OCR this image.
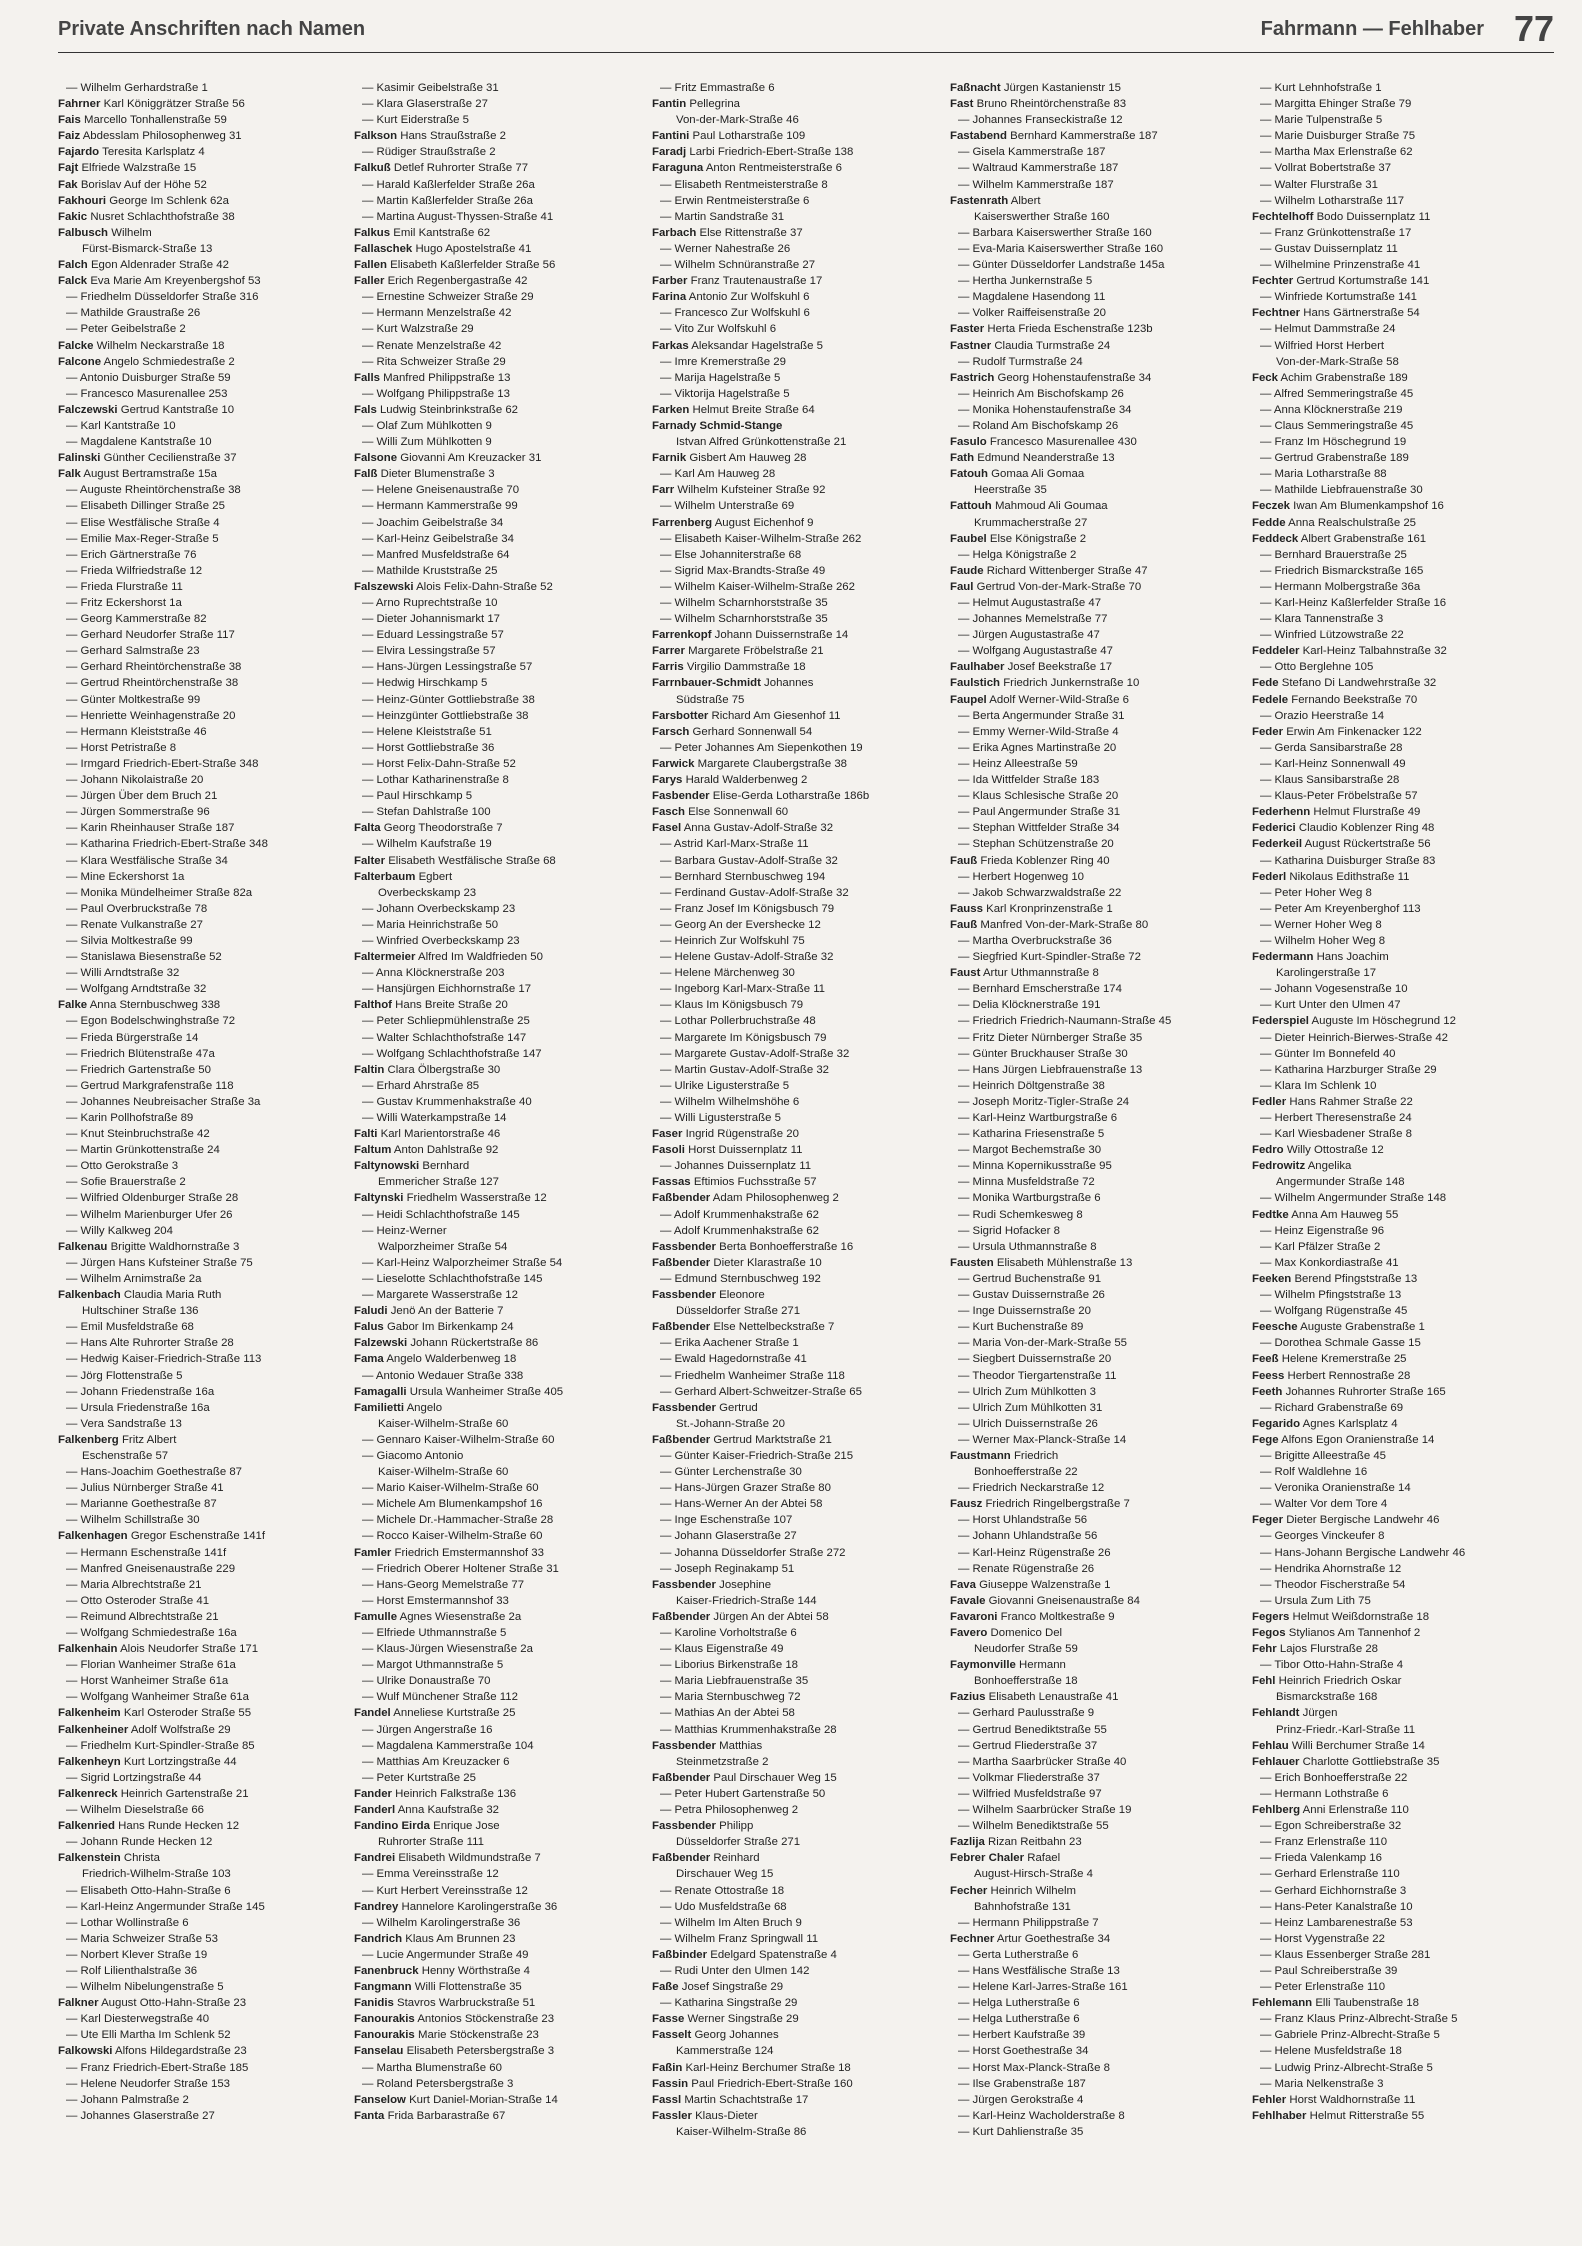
Private Anschriften nach Namen	Fahrmann — Fehlhaber 77
— Wilhelm Gerhardstraße 1
Fahrner Karl Königgrätzer Straße 56
Fais Marcello Tonhallenstraße 59
Faiz Abdesslam Philosophenweg 31
Fajardo Teresita Karlsplatz 4
Fajt Elfriede Walzstraße 15
Fak Borislav Auf der Höhe 52
Fakhouri George Im Schlenk 62a
Fakic Nusret Schlachthofstraße 38
Falbusch Wilhelm
Fürst-Bismarck-Straße 13
Falch Egon Aldenrader Straße 42
Falck Eva Marie Am Kreyenbergshof 53
— Friedhelm Düsseldorfer Straße 316
— Mathilde Graustraße 26
— Peter Geibelstraße 2
Falcke Wilhelm Neckarstraße 18
Falcone Angelo Schmiedestraße 2
— Antonio Duisburger Straße 59
— Francesco Masurenallee 253
Falczewski Gertrud Kantstraße 10
— Karl Kantstraße 10
— Magdalene Kantstraße 10
Falinski Günther Cecilienstraße 37
Falk August Bertramstraße 15a
— Auguste Rheintörchenstraße 38
— Elisabeth Dillinger Straße 25
— Elise Westfälische Straße 4
— Emilie Max-Reger-Straße 5
— Erich Gärtnerstraße 76
— Frieda Wilfriedstraße 12
— Frieda Flurstraße 11
— Fritz Eckershorst 1a
— Georg Kammerstraße 82
— Gerhard Neudorfer Straße 117
— Gerhard Salmstraße 23
— Gerhard Rheintörchenstraße 38
— Gertrud Rheintörchenstraße 38
— Günter Moltkestraße 99
— Henriette Weinhagenstraße 20
— Hermann Kleiststraße 46
— Horst Petristraße 8
— Irmgard Friedrich-Ebert-Straße 348
— Johann Nikolaistraße 20
— Jürgen Über dem Bruch 21
— Jürgen Sommerstraße 96
— Karin Rheinhauser Straße 187
— Katharina Friedrich-Ebert-Straße 348
— Klara Westfälische Straße 34
— Mine Eckershorst 1a
— Monika Mündelheimer Straße 82a
— Paul Overbruckstraße 78
— Renate Vulkanstraße 27
— Silvia Moltkestraße 99
— Stanislawa Biesenstraße 52
— Willi Arndtstraße 32
— Wolfgang Arndtstraße 32
Falke Anna Sternbuschweg 338
— Egon Bodelschwinghstraße 72
— Frieda Bürgerstraße 14
— Friedrich Blütenstraße 47a
— Friedrich Gartenstraße 50
— Gertrud Markgrafenstraße 118
— Johannes Neubreisacher Straße 3a
— Karin Pollhofstraße 89
— Knut Steinbruchstraße 42
— Martin Grünkottenstraße 24
— Otto Gerokstraße 3
— Sofie Brauerstraße 2
— Wilfried Oldenburger Straße 28
— Wilhelm Marienburger Ufer 26
— Willy Kalkweg 204
Falkenau Brigitte Waldhornstraße 3
— Jürgen Hans Kufsteiner Straße 75
— Wilhelm Arnimstraße 2a
Falkenbach Claudia Maria Ruth
Hultschiner Straße 136
— Emil Musfeldstraße 68
— Hans Alte Ruhrorter Straße 28
— Hedwig Kaiser-Friedrich-Straße 113
— Jörg Flottenstraße 5
— Johann Friedenstraße 16a
— Ursula Friedenstraße 16a
— Vera Sandstraße 13
Falkenberg Fritz Albert
Eschenstraße 57
— Hans-Joachim Goethestraße 87
— Julius Nürnberger Straße 41
— Marianne Goethestraße 87
— Wilhelm Schillstraße 30
Falkenhagen Gregor Eschenstraße 141f
— Hermann Eschenstraße 141f
— Manfred Gneisenaustraße 229
— Maria Albrechtstraße 21
— Otto Osteroder Straße 41
— Reimund Albrechtstraße 21
— Wolfgang Schmiedestraße 16a
Falkenhain Alois Neudorfer Straße 171
— Florian Wanheimer Straße 61a
— Horst Wanheimer Straße 61a
— Wolfgang Wanheimer Straße 61a
Falkenheim Karl Osteroder Straße 55
Falkenheiner Adolf Wolfstraße 29
— Friedhelm Kurt-Spindler-Straße 85
Falkenheyn Kurt Lortzingstraße 44
— Sigrid Lortzingstraße 44
Falkenreck Heinrich Gartenstraße 21
— Wilhelm Dieselstraße 66
Falkenried Hans Runde Hecken 12
— Johann Runde Hecken 12
Falkenstein Christa
Friedrich-Wilhelm-Straße 103
— Elisabeth Otto-Hahn-Straße 6
— Karl-Heinz Angermunder Straße 145
— Lothar Wollinstraße 6
— Maria Schweizer Straße 53
— Norbert Klever Straße 19
— Rolf Lilienthalstraße 36
— Wilhelm Nibelungenstraße 5
Falkner August Otto-Hahn-Straße 23
— Karl Diesterwegstraße 40
— Ute Elli Martha Im Schlenk 52
Falkowski Alfons Hildegardstraße 23
— Franz Friedrich-Ebert-Straße 185
— Helene Neudorfer Straße 153
— Johann Palmstraße 2
— Johannes Glaserstraße 27
— Kasimir Geibelstraße 31
— Klara Glaserstraße 27
— Kurt Eiderstraße 5
Falkson Hans Straußstraße 2
— Rüdiger Straußstraße 2
Falkuß Detlef Ruhrorter Straße 77
— Harald Kaßlerfelder Straße 26a
— Martin Kaßlerfelder Straße 26a
— Martina August-Thyssen-Straße 41
Falkus Emil Kantstraße 62
Fallaschek Hugo Apostelstraße 41
Fallen Elisabeth Kaßlerfelder Straße 56
Faller Erich Regenbergastraße 42
— Ernestine Schweizer Straße 29
— Hermann Menzelstraße 42
— Kurt Walzstraße 29
— Renate Menzelstraße 42
— Rita Schweizer Straße 29
Falls Manfred Philippstraße 13
— Wolfgang Philippstraße 13
Fals Ludwig Steinbrinkstraße 62
— Olaf Zum Mühlkotten 9
— Willi Zum Mühlkotten 9
Falsone Giovanni Am Kreuzacker 31
Falß Dieter Blumenstraße 3
— Helene Gneisenaustraße 70
— Hermann Kammerstraße 99
— Joachim Geibelstraße 34
— Karl-Heinz Geibelstraße 34
— Manfred Musfeldstraße 64
— Mathilde Kruststraße 25
Falszewski Alois Felix-Dahn-Straße 52
— Arno Ruprechtstraße 10
— Dieter Johannismarkt 17
— Eduard Lessingstraße 57
— Elvira Lessingstraße 57
— Hans-Jürgen Lessingstraße 57
— Hedwig Hirschkamp 5
— Heinz-Günter Gottliebstraße 38
— Heinzgünter Gottliebstraße 38
— Helene Kleiststraße 51
— Horst Gottliebstraße 36
— Horst Felix-Dahn-Straße 52
— Lothar Katharinenstraße 8
— Paul Hirschkamp 5
— Stefan Dahlstraße 100
Falta Georg Theodorstraße 7
— Wilhelm Kaufstraße 19
Falter Elisabeth Westfälische Straße 68
Falterbaum Egbert
Overbeckskamp 23
— Johann Overbeckskamp 23
— Maria Heinrichstraße 50
— Winfried Overbeckskamp 23
Faltermeier Alfred Im Waldfrieden 50
— Anna Klöcknerstraße 203
— Hansjürgen Eichhornstraße 17
Falthof Hans Breite Straße 20
— Peter Schliepmühlenstraße 25
— Walter Schlachthofstraße 147
— Wolfgang Schlachthofstraße 147
Faltin Clara Ölbergstraße 30
— Erhard Ahrstraße 85
— Gustav Krummenhakstraße 40
— Willi Waterkampstraße 14
Falti Karl Marientorstraße 46
Faltum Anton Dahlstraße 92
Faltynowski Bernhard
Emmericher Straße 127
Faltynski Friedhelm Wasserstraße 12
— Heidi Schlachthofstraße 145
— Heinz-Werner
Walporzheimer Straße 54
— Karl-Heinz Walporzheimer Straße 54
— Lieselotte Schlachthofstraße 145
— Margarete Wasserstraße 12
Faludi Jenö An der Batterie 7
Falus Gabor Im Birkenkamp 24
Falzewski Johann Rückertstraße 86
Fama Angelo Walderbenweg 18
— Antonio Wedauer Straße 338
Famagalli Ursula Wanheimer Straße 405
Familietti Angelo
Kaiser-Wilhelm-Straße 60
— Gennaro Kaiser-Wilhelm-Straße 60
— Giacomo Antonio
Kaiser-Wilhelm-Straße 60
— Mario Kaiser-Wilhelm-Straße 60
— Michele Am Blumenkampshof 16
— Michele Dr.-Hammacher-Straße 28
— Rocco Kaiser-Wilhelm-Straße 60
Famler Friedrich Emstermannshof 33
— Friedrich Oberer Holtener Straße 31
— Hans-Georg Memelstraße 77
— Horst Emstermannshof 33
Famulle Agnes Wiesenstraße 2a
— Elfriede Uthmannstraße 5
— Klaus-Jürgen Wiesenstraße 2a
— Margot Uthmannstraße 5
— Ulrike Donaustraße 70
— Wulf Münchener Straße 112
Fandel Anneliese Kurtstraße 25
— Jürgen Angerstraße 16
— Magdalena Kammerstraße 104
— Matthias Am Kreuzacker 6
— Peter Kurtstraße 25
Fander Heinrich Falkstraße 136
Fanderl Anna Kaufstraße 32
Fandino Eirda Enrique Jose
Ruhrorter Straße 111
Fandrei Elisabeth Wildmundstraße 7
— Emma Vereinsstraße 12
— Kurt Herbert Vereinsstraße 12
Fandrey Hannelore Karolingerstraße 36
— Wilhelm Karolingerstraße 36
Fandrich Klaus Am Brunnen 23
— Lucie Angermunder Straße 49
Fanenbruck Henny Wörthstraße 4
Fangmann Willi Flottenstraße 35
Fanidis Stavros Warbruckstraße 51
Fanourakis Antonios Stöckenstraße 23
Fanourakis Marie Stöckenstraße 23
Fanselau Elisabeth Petersbergstraße 3
— Martha Blumenstraße 60
— Roland Petersbergstraße 3
Fanselow Kurt Daniel-Morian-Straße 14
Fanta Frida Barbarastraße 67
— Fritz Emmastraße 6
Fantin Pellegrina
Von-der-Mark-Straße 46
Fantini Paul Lotharstraße 109
Faradj Larbi Friedrich-Ebert-Straße 138
Faraguna Anton Rentmeisterstraße 6
— Elisabeth Rentmeisterstraße 8
— Erwin Rentmeisterstraße 6
— Martin Sandstraße 31
Farbach Else Rittenstraße 37
— Werner Nahestraße 26
— Wilhelm Schnüranstraße 27
Farber Franz Trautenaustraße 17
Farina Antonio Zur Wolfskuhl 6
— Francesco Zur Wolfskuhl 6
— Vito Zur Wolfskuhl 6
Farkas Aleksandar Hagelstraße 5
— Imre Kremerstraße 29
— Marija Hagelstraße 5
— Viktorija Hagelstraße 5
Farken Helmut Breite Straße 64
Farnady Schmid-Stange
Istvan Alfred Grünkottenstraße 21
Farnik Gisbert Am Hauweg 28
— Karl Am Hauweg 28
Farr Wilhelm Kufsteiner Straße 92
— Wilhelm Unterstraße 69
Farrenberg August Eichenhof 9
— Elisabeth Kaiser-Wilhelm-Straße 262
— Else Johanniterstraße 68
— Sigrid Max-Brandts-Straße 49
— Wilhelm Kaiser-Wilhelm-Straße 262
— Wilhelm Scharnhorststraße 35
— Wilhelm Scharnhorststraße 35
Farrenkopf Johann Duissernstraße 14
Farrer Margarete Fröbelstraße 21
Farris Virgilio Dammstraße 18
Farrnbauer-Schmidt Johannes
Südstraße 75
Farsbotter Richard Am Giesenhof 11
Farsch Gerhard Sonnenwall 54
— Peter Johannes Am Siepenkothen 19
Farwick Margarete Claubergstraße 38
Farys Harald Walderbenweg 2
Fasbender Elise-Gerda Lotharstraße 186b
Fasch Else Sonnenwall 60
Fasel Anna Gustav-Adolf-Straße 32
— Astrid Karl-Marx-Straße 11
— Barbara Gustav-Adolf-Straße 32
— Bernhard Sternbuschweg 194
— Ferdinand Gustav-Adolf-Straße 32
— Franz Josef Im Königsbusch 79
— Georg An der Evershecke 12
— Heinrich Zur Wolfskuhl 75
— Helene Gustav-Adolf-Straße 32
— Helene Märchenweg 30
— Ingeborg Karl-Marx-Straße 11
— Klaus Im Königsbusch 79
— Lothar Pollerbruchstraße 48
— Margarete Im Königsbusch 79
— Margarete Gustav-Adolf-Straße 32
— Martin Gustav-Adolf-Straße 32
— Ulrike Ligusterstraße 5
— Wilhelm Wilhelmshöhe 6
— Willi Ligusterstraße 5
Faser Ingrid Rügenstraße 20
Fasoli Horst Duissernplatz 11
— Johannes Duissernplatz 11
Fassas Eftimios Fuchsstraße 57
Faßbender Adam Philosophenweg 2
— Adolf Krummenhakstraße 62
— Adolf Krummenhakstraße 62
Fassbender Berta Bonhoefferstraße 16
Faßbender Dieter Klarastraße 10
— Edmund Sternbuschweg 192
Fassbender Eleonore
Düsseldorfer Straße 271
Faßbender Else Nettelbeckstraße 7
— Erika Aachener Straße 1
— Ewald Hagedornstraße 41
— Friedhelm Wanheimer Straße 118
— Gerhard Albert-Schweitzer-Straße 65
Fassbender Gertrud
St.-Johann-Straße 20
Faßbender Gertrud Marktstraße 21
— Günter Kaiser-Friedrich-Straße 215
— Günter Lerchenstraße 30
— Hans-Jürgen Grazer Straße 80
— Hans-Werner An der Abtei 58
— Inge Eschenstraße 107
— Johann Glaserstraße 27
— Johanna Düsseldorfer Straße 272
— Joseph Reginakamp 51
Fassbender Josephine
Kaiser-Friedrich-Straße 144
Faßbender Jürgen An der Abtei 58
— Karoline Vorholtstraße 6
— Klaus Eigenstraße 49
— Liborius Birkenstraße 18
— Maria Liebfrauenstraße 35
— Maria Sternbuschweg 72
— Mathias An der Abtei 58
— Matthias Krummenhakstraße 28
Fassbender Matthias
Steinmetzstraße 2
Faßbender Paul Dirschauer Weg 15
— Peter Hubert Gartenstraße 50
— Petra Philosophenweg 2
Fassbender Philipp
Düsseldorfer Straße 271
Faßbender Reinhard
Dirschauer Weg 15
— Renate Ottostraße 18
— Udo Musfeldstraße 68
— Wilhelm Im Alten Bruch 9
— Wilhelm Franz Springwall 11
Faßbinder Edelgard Spatenstraße 4
— Rudi Unter den Ulmen 142
Faße Josef Singstraße 29
— Katharina Singstraße 29
Fasse Werner Singstraße 29
Fasselt Georg Johannes
Kammerstraße 124
Faßin Karl-Heinz Berchumer Straße 18
Fassin Paul Friedrich-Ebert-Straße 160
Fassl Martin Schachtstraße 17
Fassler Klaus-Dieter
Kaiser-Wilhelm-Straße 86
Faßnacht Jürgen Kastanienstr 15
Fast Bruno Rheintörchenstraße 83
— Johannes Franseckistraße 12
Fastabend Bernhard Kammerstraße 187
— Gisela Kammerstraße 187
— Waltraud Kammerstraße 187
— Wilhelm Kammerstraße 187
Fastenrath Albert
Kaiserswerther Straße 160
— Barbara Kaiserswerther Straße 160
— Eva-Maria Kaiserswerther Straße 160
— Günter Düsseldorfer Landstraße 145a
— Hertha Junkernstraße 5
— Magdalene Hasendong 11
— Volker Raiffeisenstraße 20
Faster Herta Frieda Eschenstraße 123b
Fastner Claudia Turmstraße 24
— Rudolf Turmstraße 24
Fastrich Georg Hohenstaufenstraße 34
— Heinrich Am Bischofskamp 26
— Monika Hohenstaufenstraße 34
— Roland Am Bischofskamp 26
Fasulo Francesco Masurenallee 430
Fath Edmund Neanderstraße 13
Fatouh Gomaa Ali Gomaa
Heerstraße 35
Fattouh Mahmoud Ali Goumaa
Krummacherstraße 27
Faubel Else Königstraße 2
— Helga Königstraße 2
Faude Richard Wittenberger Straße 47
Faul Gertrud Von-der-Mark-Straße 70
— Helmut Augustastraße 47
— Johannes Memelstraße 77
— Jürgen Augustastraße 47
— Wolfgang Augustastraße 47
Faulhaber Josef Beekstraße 17
Faulstich Friedrich Junkernstraße 10
Faupel Adolf Werner-Wild-Straße 6
— Berta Angermunder Straße 31
— Emmy Werner-Wild-Straße 4
— Erika Agnes Martinstraße 20
— Heinz Alleestraße 59
— Ida Wittfelder Straße 183
— Klaus Schlesische Straße 20
— Paul Angermunder Straße 31
— Stephan Wittfelder Straße 34
— Stephan Schützenstraße 20
Fauß Frieda Koblenzer Ring 40
— Herbert Hogenweg 10
— Jakob Schwarzwaldstraße 22
Fauss Karl Kronprinzenstraße 1
Fauß Manfred Von-der-Mark-Straße 80
— Martha Overbruckstraße 36
— Siegfried Kurt-Spindler-Straße 72
Faust Artur Uthmannstraße 8
— Bernhard Emscherstraße 174
— Delia Klöcknerstraße 191
— Friedrich Friedrich-Naumann-Straße 45
— Fritz Dieter Nürnberger Straße 35
— Günter Bruckhauser Straße 30
— Hans Jürgen Liebfrauenstraße 13
— Heinrich Döltgenstraße 38
— Joseph Moritz-Tigler-Straße 24
— Karl-Heinz Wartburgstraße 6
— Katharina Friesenstraße 5
— Margot Bechemstraße 30
— Minna Kopernikusstraße 95
— Minna Musfeldstraße 72
— Monika Wartburgstraße 6
— Rudi Schemkesweg 8
— Sigrid Hofacker 8
— Ursula Uthmannstraße 8
Fausten Elisabeth Mühlenstraße 13
— Gertrud Buchenstraße 91
— Gustav Duissernstraße 26
— Inge Duissernstraße 20
— Kurt Buchenstraße 89
— Maria Von-der-Mark-Straße 55
— Siegbert Duissernstraße 20
— Theodor Tiergartenstraße 11
— Ulrich Zum Mühlkotten 3
— Ulrich Zum Mühlkotten 31
— Ulrich Duissernstraße 26
— Werner Max-Planck-Straße 14
Faustmann Friedrich
Bonhoefferstraße 22
— Friedrich Neckarstraße 12
Fausz Friedrich Ringelbergstraße 7
— Horst Uhlandstraße 56
— Johann Uhlandstraße 56
— Karl-Heinz Rügenstraße 26
— Renate Rügenstraße 26
Fava Giuseppe Walzenstraße 1
Favale Giovanni Gneisenaustraße 84
Favaroni Franco Moltkestraße 9
Favero Domenico Del
Neudorfer Straße 59
Faymonville Hermann
Bonhoefferstraße 18
Fazius Elisabeth Lenaustraße 41
— Gerhard Paulusstraße 9
— Gertrud Benediktstraße 55
— Gertrud Fliederstraße 37
— Martha Saarbrücker Straße 40
— Volkmar Fliederstraße 37
— Wilfried Musfeldstraße 97
— Wilhelm Saarbrücker Straße 19
— Wilhelm Benediktstraße 55
Fazlija Rizan Reitbahn 23
Febrer Chaler Rafael
August-Hirsch-Straße 4
Fecher Heinrich Wilhelm
Bahnhofstraße 131
— Hermann Philippstraße 7
Fechner Artur Goethestraße 34
— Gerta Lutherstraße 6
— Hans Westfälische Straße 13
— Helene Karl-Jarres-Straße 161
— Helga Lutherstraße 6
— Helga Lutherstraße 6
— Herbert Kaufstraße 39
— Horst Goethestraße 34
— Horst Max-Planck-Straße 8
— Ilse Grabenstraße 187
— Jürgen Gerokstraße 4
— Karl-Heinz Wacholderstraße 8
— Kurt Dahlienstraße 35
— Kurt Lehnhofstraße 1
— Margitta Ehinger Straße 79
— Marie Tulpenstraße 5
— Marie Duisburger Straße 75
— Martha Max Erlenstraße 62
— Vollrat Bobertstraße 37
— Walter Flurstraße 31
— Wilhelm Lotharstraße 117
Fechtelhoff Bodo Duissernplatz 11
— Franz Grünkottenstraße 17
— Gustav Duissernplatz 11
— Wilhelmine Prinzenstraße 41
Fechter Gertrud Kortumstraße 141
— Winfriede Kortumstraße 141
Fechtner Hans Gärtnerstraße 54
— Helmut Dammstraße 24
— Wilfried Horst Herbert
Von-der-Mark-Straße 58
Feck Achim Grabenstraße 189
— Alfred Semmeringstraße 45
— Anna Klöcknerstraße 219
— Claus Semmeringstraße 45
— Franz Im Höschegrund 19
— Gertrud Grabenstraße 189
— Maria Lotharstraße 88
— Mathilde Liebfrauenstraße 30
Feczek Iwan Am Blumenkampshof 16
Fedde Anna Realschulstraße 25
Feddeck Albert Grabenstraße 161
— Bernhard Brauerstraße 25
— Friedrich Bismarckstraße 165
— Hermann Molbergstraße 36a
— Karl-Heinz Kaßlerfelder Straße 16
— Klara Tannenstraße 3
— Winfried Lützowstraße 22
Feddeler Karl-Heinz Talbahnstraße 32
— Otto Berglehne 105
Fede Stefano Di Landwehrstraße 32
Fedele Fernando Beekstraße 70
— Orazio Heerstraße 14
Feder Erwin Am Finkenacker 122
— Gerda Sansibarstraße 28
— Karl-Heinz Sonnenwall 49
— Klaus Sansibarstraße 28
— Klaus-Peter Fröbelstraße 57
Federhenn Helmut Flurstraße 49
Federici Claudio Koblenzer Ring 48
Federkeil August Rückertstraße 56
— Katharina Duisburger Straße 83
Federl Nikolaus Edithstraße 11
— Peter Hoher Weg 8
— Peter Am Kreyenberghof 113
— Werner Hoher Weg 8
— Wilhelm Hoher Weg 8
Federmann Hans Joachim
Karolingerstraße 17
— Johann Vogesenstraße 10
— Kurt Unter den Ulmen 47
Federspiel Auguste Im Höschegrund 12
— Dieter Heinrich-Bierwes-Straße 42
— Günter Im Bonnefeld 40
— Katharina Harzburger Straße 29
— Klara Im Schlenk 10
Fedler Hans Rahmer Straße 22
— Herbert Theresenstraße 24
— Karl Wiesbadener Straße 8
Fedro Willy Ottostraße 12
Fedrowitz Angelika
Angermunder Straße 148
— Wilhelm Angermunder Straße 148
Fedtke Anna Am Hauweg 55
— Heinz Eigenstraße 96
— Karl Pfälzer Straße 2
— Max Konkordiastraße 41
Feeken Berend Pfingststraße 13
— Wilhelm Pfingststraße 13
— Wolfgang Rügenstraße 45
Feesche Auguste Grabenstraße 1
— Dorothea Schmale Gasse 15
Feeß Helene Kremerstraße 25
Feess Herbert Rennostraße 28
Feeth Johannes Ruhrorter Straße 165
— Richard Grabenstraße 69
Fegarido Agnes Karlsplatz 4
Fege Alfons Egon Oranienstraße 14
— Brigitte Alleestraße 45
— Rolf Waldlehne 16
— Veronika Oranienstraße 14
— Walter Vor dem Tore 4
Feger Dieter Bergische Landwehr 46
— Georges Vinckeufer 8
— Hans-Johann Bergische Landwehr 46
— Hendrika Ahornstraße 12
— Theodor Fischerstraße 54
— Ursula Zum Lith 75
Fegers Helmut Weißdornstraße 18
Fegos Stylianos Am Tannenhof 2
Fehr Lajos Flurstraße 28
— Tibor Otto-Hahn-Straße 4
Fehl Heinrich Friedrich Oskar
Bismarckstraße 168
Fehlandt Jürgen
Prinz-Friedr.-Karl-Straße 11
Fehlau Willi Berchumer Straße 14
Fehlauer Charlotte Gottliebstraße 35
— Erich Bonhoefferstraße 22
— Hermann Lothstraße 6
Fehlberg Anni Erlenstraße 110
— Egon Schreiberstraße 32
— Franz Erlenstraße 110
— Frieda Valenkamp 16
— Gerhard Erlenstraße 110
— Gerhard Eichhornstraße 3
— Hans-Peter Kanalstraße 10
— Heinz Lambarenestraße 53
— Horst Vygenstraße 22
— Klaus Essenberger Straße 281
— Paul Schreiberstraße 39
— Peter Erlenstraße 110
Fehlemann Elli Taubenstraße 18
— Franz Klaus Prinz-Albrecht-Straße 5
— Gabriele Prinz-Albrecht-Straße 5
— Helene Musfeldstraße 18
— Ludwig Prinz-Albrecht-Straße 5
— Maria Nelkenstraße 3
Fehler Horst Waldhornstraße 11
Fehlhaber Helmut Ritterstraße 55
